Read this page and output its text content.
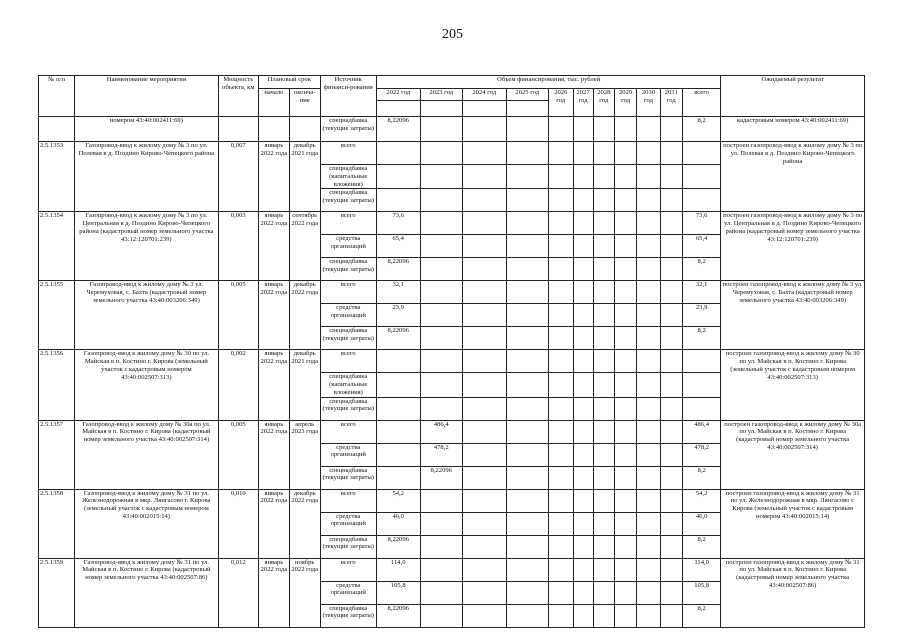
205
№ п/п	Наименование мероприятия	Мощность объекта, км	Плановый срок		Источник финанси-рования	Объем финансирования, тыс. рублей											Ожидаемый результат
			начало	оконча-ние		2022 год	2023 год	2024 год	2025 год	2026 год	2027 год	2028 год	2029 год	2030 год	2031 год	всего	

	номером 43:40:002411:69)				спецнадбавка (текущие затраты)	8,22096										8,2	кадастровым номером 43:40:002411:69)
2.5.1353	Газопровод-ввод к жилому дому № 3 по ул. Полевая в д. Поздино Кирово-Чепецкого района	0,007	январь 2022 года	декабрь 2021 года	всего												построен газопровод-ввод к жилому дому № 3 по ул. Полевая в д. Поздино Кирово-Чепецкого района
					спецнадбавка (капитальные вложения)												
					спецнадбавка (текущие затраты)												
2.5.1354	Газопровод-ввод к жилому дому № 3 по ул. Центральная в д. Поздино Кирово-Чепецкого района (кадастровый номер земельного участка 43:12:120701:239)	0,003	январь 2022 года	сентябрь 2022 года	всего	73,6										73,6	построен газопровод-ввод к жилому дому № 3 по ул. Центральная в д. Поздино Кирово-Чепецкого района (кадастровый номер земельного участка 43:12:120701:239)
					средства организаций	65,4										65,4	
					спецнадбавка (текущие затраты)	8,22096										8,2	
2.5.1355	Газопровод-ввод к жилому дому № 3 ул. Черемуховая, с. Бахта (кадастровый номер земельного участка 43:40:003206:349)	0,005	январь 2022 года	декабрь 2022 года	всего	32,1										32,1	построен газопровод-ввод к жилому дому № 3 ул. Черемуховая, с. Бахта (кадастровый номер земельного участка 43:40:003206:349)
					средства организаций	23,9										23,9	
					спецнадбавка (текущие затраты)	8,22096										8,2	
2.5.1356	Газопровод-ввод к жилому дому № 30 по ул. Майская в п. Костино г. Кирова (земельный участок с кадастровым номером 43:40:002507:313)	0,002	январь 2022 года	декабрь 2021 года	всего												построен газопровод-ввод к жилому дому № 30 по ул. Майская в п. Костино г. Кирова (земельный участок с кадастровым номером 43:40:002507:313)
					спецнадбавка (капитальные вложения)												
					спецнадбавка (текущие затраты)												
2.5.1357	Газопровод-ввод к жилому дому № 30а по ул. Майская в п. Костино г. Кирова (кадастровый номер земельного участка 43:40:002507:314)	0,005	январь 2022 года	апрель 2023 года	всего		486,4									486,4	построен газопровод-ввод к жилому дому № 30а по ул. Майская в п. Костино г. Кирова (кадастровый номер земельного участка 43:40:002507:314)
					средства организаций		478,2									478,2	
					спецнадбавка (текущие затраты)		8,22096									8,2	
2.5.1358	Газопровод-ввод к жилому дому № 31 по ул. Железнодорожная в мкр. Лянгасово г. Кирова (земельный участок с кадастровым номером 43:40:002015:14)	0,010	январь 2022 года	декабрь 2022 года	всего	54,2										54,2	построен газопровод-ввод к жилому дому № 31 по ул. Железнодорожная в мкр. Лянгасово г. Кирова (земельный участок с кадастровым номером 43:40:002015:14)
					средства организаций	46,0										46,0	
					спецнадбавка (текущие затраты)	8,22096										8,2	
2.5.1359	Газопровод-ввод к жилому дому № 31 по ул. Майская в п. Костино г. Кирова (кадастровый номер земельного участка 43:40:002507:86)	0,012	январь 2022 года	ноябрь 2022 года	всего	114,0										114,0	построен газопровод-ввод к жилому дому № 31 по ул. Майская в п. Костино г. Кирова (кадастровый номер земельного участка 43:40:002507:86)
					средства организаций	105,8										105,8	
					спецнадбавка (текущие затраты)	8,22096										8,2	
